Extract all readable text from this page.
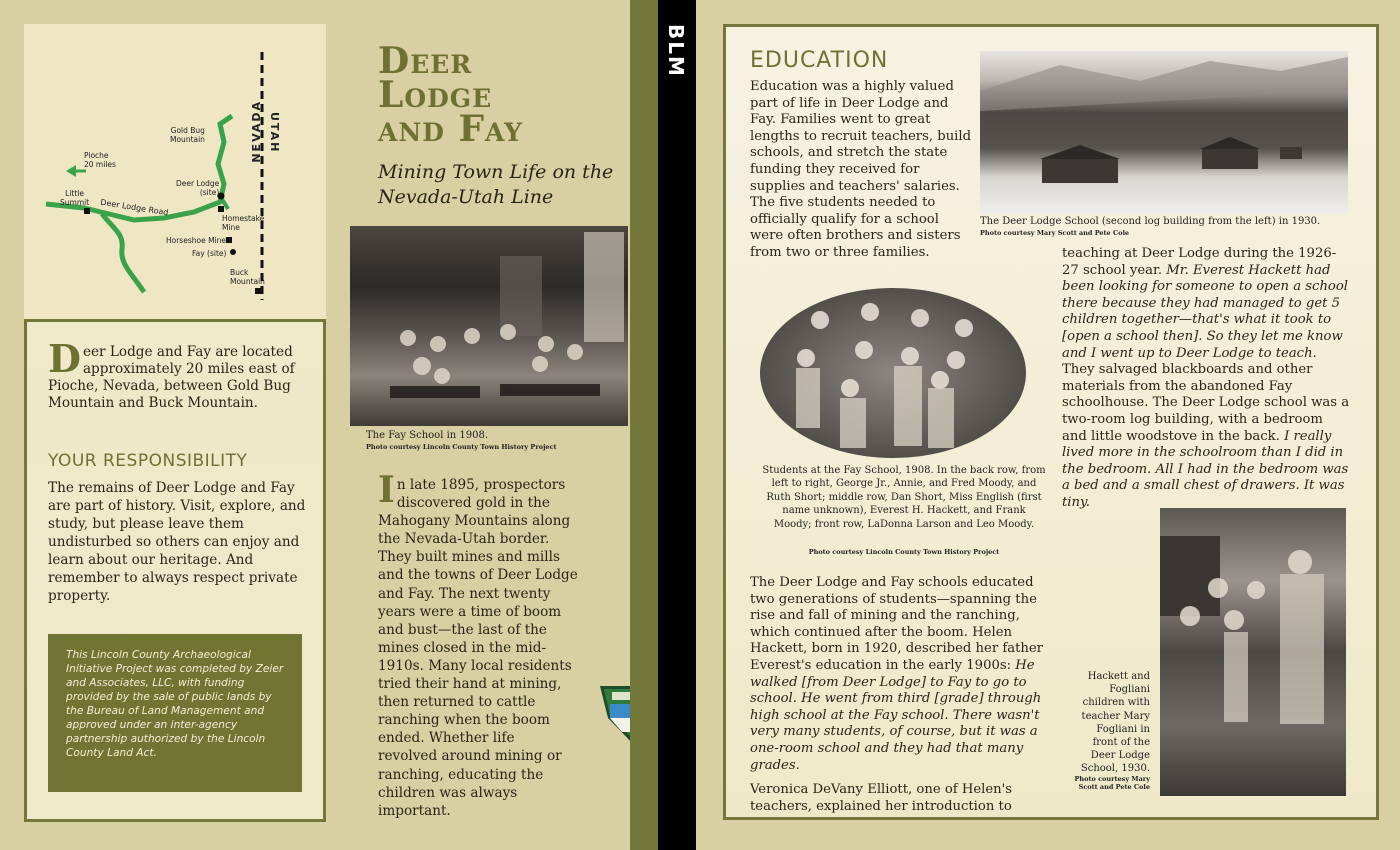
Gold Bug
Mountain
Pioche
20 miles
Deer Lodge
(site)
Little
Summit Deer Lodge Road
Homestake
Mine
Horseshoe Mine
Fay (site)
Buck
Mountain
NEVADA UTAH
Deer Lodge and Fay are located approximately 20 miles east of Pioche, Nevada, between Gold Bug Mountain and Buck Mountain.
YOUR RESPONSIBILITY
The remains of Deer Lodge and Fay are part of history. Visit, explore, and study, but please leave them undisturbed so others can enjoy and learn about our heritage. And remember to always respect private property.
This Lincoln County Archaeological Initiative Project was completed by Zeier and Associates, LLC, with funding provided by the sale of public lands by the Bureau of Land Management and approved under an inter-agency partnership authorized by the Lincoln County Land Act.
Deer
Lodge
and Fay
Mining Town Life on the Nevada-Utah Line
The Fay School in 1908.
Photo courtesy Lincoln County Town History Project
In late 1895, prospectors discovered gold in the Mahogany Mountains along the Nevada-Utah border. They built mines and mills and the towns of Deer Lodge and Fay. The next twenty years were a time of boom and bust—the last of the mines closed in the mid-1910s. Many local residents tried their hand at mining, then returned to cattle ranching when the boom ended. Whether life revolved around mining or ranching, educating the children was always important.
BLM	EDUCATION
Education was a highly valued part of life in Deer Lodge and Fay. Families went to great lengths to recruit teachers, build schools, and stretch the state funding they received for supplies and teachers' salaries. The five students needed to officially qualify for a school were often brothers and sisters from two or three families.
The Deer Lodge School (second log building from the left) in 1930.
Photo courtesy Mary Scott and Pete Cole
Students at the Fay School, 1908. In the back row, from left to right, George Jr., Annie, and Fred Moody, and Ruth Short; middle row, Dan Short, Miss English (first name unknown), Everest H. Hackett, and Frank Moody; front row, LaDonna Larson and Leo Moody.
Photo courtesy Lincoln County Town History Project
teaching at Deer Lodge during the 1926-27 school year. Mr. Everest Hackett had been looking for someone to open a school there because they had managed to get 5 children together—that's what it took to [open a school then]. So they let me know and I went up to Deer Lodge to teach. They salvaged blackboards and other materials from the abandoned Fay schoolhouse. The Deer Lodge school was a two-room log building, with a bedroom and little woodstove in the back. I really lived more in the schoolroom than I did in the bedroom. All I had in the bedroom was a bed and a small chest of drawers. It was tiny.
The Deer Lodge and Fay schools educated two generations of students—spanning the rise and fall of mining and the ranching, which continued after the boom. Helen Hackett, born in 1920, described her father Everest's education in the early 1900s: He walked [from Deer Lodge] to Fay to go to school. He went from third [grade] through high school at the Fay school. There wasn't very many students, of course, but it was a one-room school and they had that many grades.
Veronica DeVany Elliott, one of Helen's teachers, explained her introduction to
Hackett and Fogliani children with teacher Mary Fogliani in front of the Deer Lodge School, 1930.
Photo courtesy Mary Scott and Pete Cole
